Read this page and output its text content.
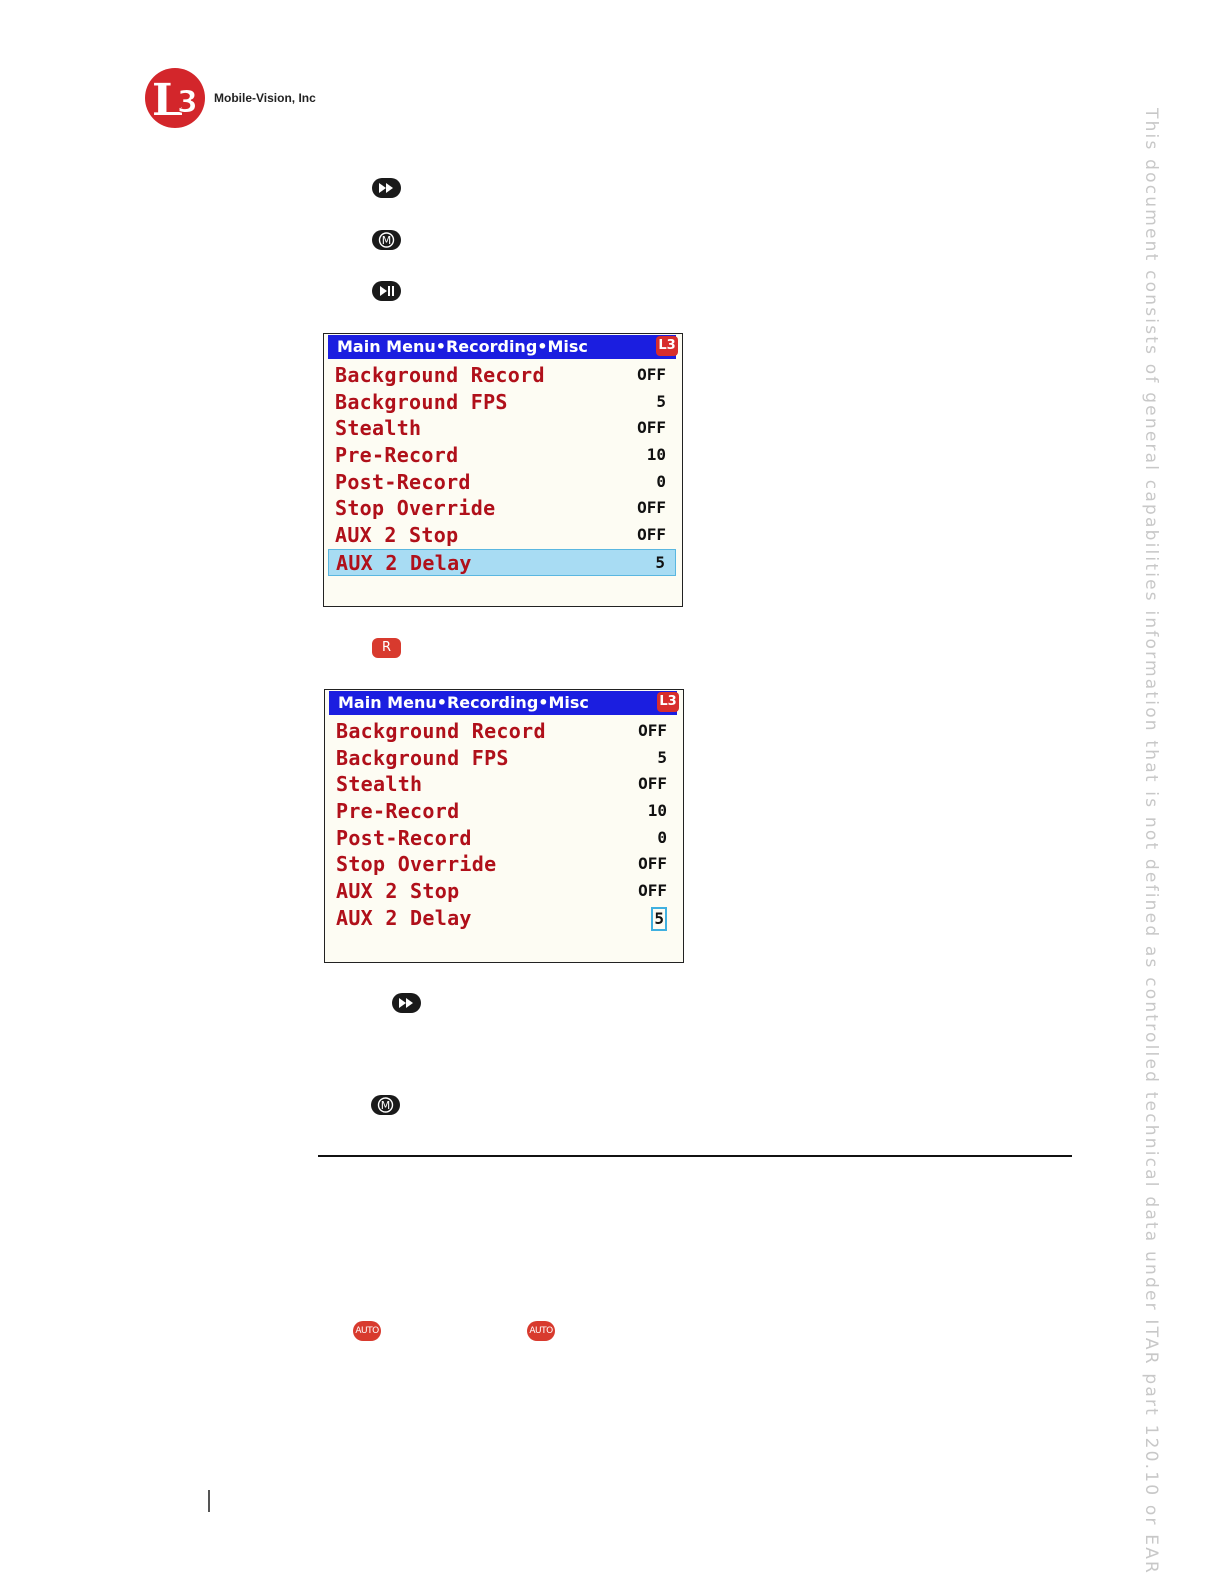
L
3 Mobile-Vision, Inc
M
Main Menu•Recording•Misc	L3
Background Record	OFF
Background FPS	5
Stealth	OFF
Pre-Record	10
Post-Record	0
Stop Override	OFF
AUX 2 Stop	OFF
AUX 2 Delay	5
R
Main Menu•Recording•Misc	L3
Background Record	OFF
Background FPS	5
Stealth	OFF
Pre-Record	10
Post-Record	0
Stop Override	OFF
AUX 2 Stop	OFF
AUX 2 Delay	5
M
AUTO	AUTO	This document consists of general capabilities information that is not defined as controlled technical data under ITAR part 120.10 or EAR
